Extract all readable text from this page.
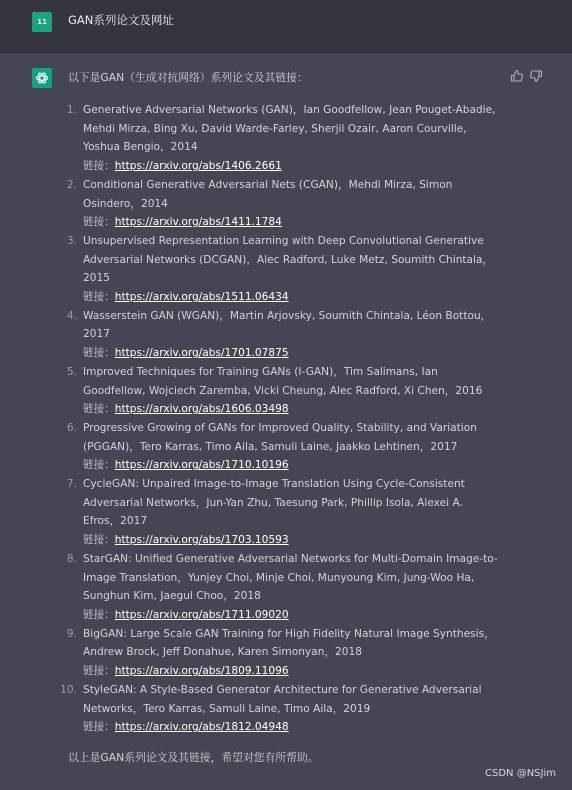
11	GAN系列论文及网址
以下是GAN（生成对抗网络）系列论文及其链接：
1. Generative Adversarial Networks (GAN)，Ian Goodfellow, Jean Pouget-Abadie, Mehdi Mirza, Bing Xu, David Warde-Farley, Sherjil Ozair, Aaron Courville, Yoshua Bengio，2014
链接：https://arxiv.org/abs/1406.2661
2. Conditional Generative Adversarial Nets (CGAN)，Mehdi Mirza, Simon Osindero，2014
链接：https://arxiv.org/abs/1411.1784
3. Unsupervised Representation Learning with Deep Convolutional Generative Adversarial Networks (DCGAN)，Alec Radford, Luke Metz, Soumith Chintala，2015
链接：https://arxiv.org/abs/1511.06434
4. Wasserstein GAN (WGAN)，Martin Arjovsky, Soumith Chintala, Léon Bottou，2017
链接：https://arxiv.org/abs/1701.07875
5. Improved Techniques for Training GANs (I-GAN)，Tim Salimans, Ian Goodfellow, Wojciech Zaremba, Vicki Cheung, Alec Radford, Xi Chen，2016
链接：https://arxiv.org/abs/1606.03498
6. Progressive Growing of GANs for Improved Quality, Stability, and Variation (PGGAN)，Tero Karras, Timo Aila, Samuli Laine, Jaakko Lehtinen，2017
链接：https://arxiv.org/abs/1710.10196
7. CycleGAN: Unpaired Image-to-Image Translation Using Cycle-Consistent Adversarial Networks，Jun-Yan Zhu, Taesung Park, Phillip Isola, Alexei A. Efros，2017
链接：https://arxiv.org/abs/1703.10593
8. StarGAN: Unified Generative Adversarial Networks for Multi-Domain Image-to-Image Translation，Yunjey Choi, Minje Choi, Munyoung Kim, Jung-Woo Ha, Sunghun Kim, Jaegul Choo，2018
链接：https://arxiv.org/abs/1711.09020
9. BigGAN: Large Scale GAN Training for High Fidelity Natural Image Synthesis，Andrew Brock, Jeff Donahue, Karen Simonyan，2018
链接：https://arxiv.org/abs/1809.11096
10. StyleGAN: A Style-Based Generator Architecture for Generative Adversarial Networks，Tero Karras, Samuli Laine, Timo Aila，2019
链接：https://arxiv.org/abs/1812.04948
以上是GAN系列论文及其链接，希望对您有所帮助。
CSDN @NSJim
